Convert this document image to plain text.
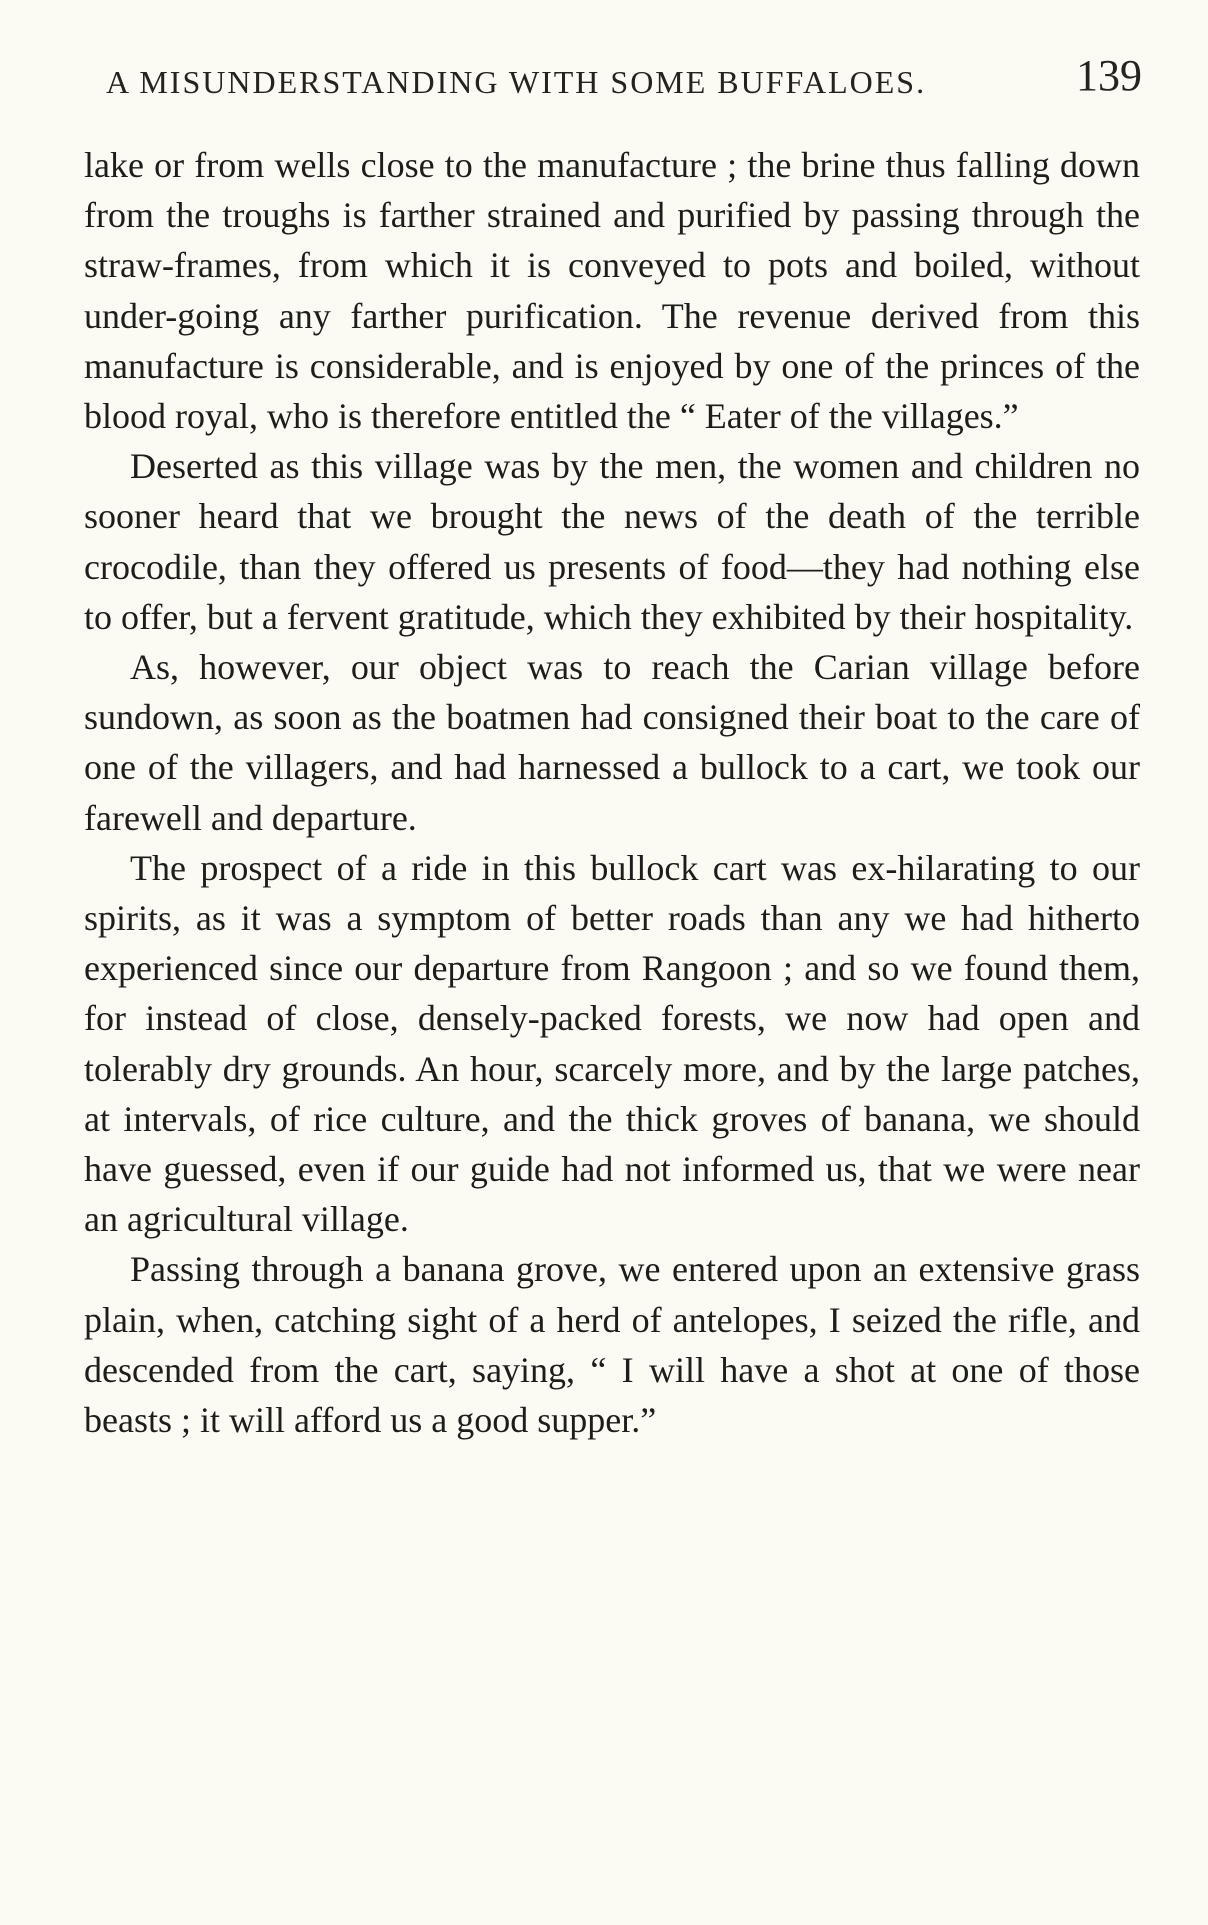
A MISUNDERSTANDING WITH SOME BUFFALOES.	139

lake or from wells close to the manufacture ; the brine thus falling down from the troughs is farther strained and purified by passing through the straw-frames, from which it is conveyed to pots and boiled, without under-going any farther purification. The revenue derived from this manufacture is considerable, and is enjoyed by one of the princes of the blood royal, who is therefore entitled the “ Eater of the villages.”

Deserted as this village was by the men, the women and children no sooner heard that we brought the news of the death of the terrible crocodile, than they offered us presents of food—they had nothing else to offer, but a fervent gratitude, which they exhibited by their hospitality.

As, however, our object was to reach the Carian village before sundown, as soon as the boatmen had consigned their boat to the care of one of the villagers, and had harnessed a bullock to a cart, we took our farewell and departure.

The prospect of a ride in this bullock cart was ex-hilarating to our spirits, as it was a symptom of better roads than any we had hitherto experienced since our departure from Rangoon ; and so we found them, for instead of close, densely-packed forests, we now had open and tolerably dry grounds. An hour, scarcely more, and by the large patches, at intervals, of rice culture, and the thick groves of banana, we should have guessed, even if our guide had not informed us, that we were near an agricultural village.

Passing through a banana grove, we entered upon an extensive grass plain, when, catching sight of a herd of antelopes, I seized the rifle, and descended from the cart, saying, “ I will have a shot at one of those beasts ; it will afford us a good supper.”
